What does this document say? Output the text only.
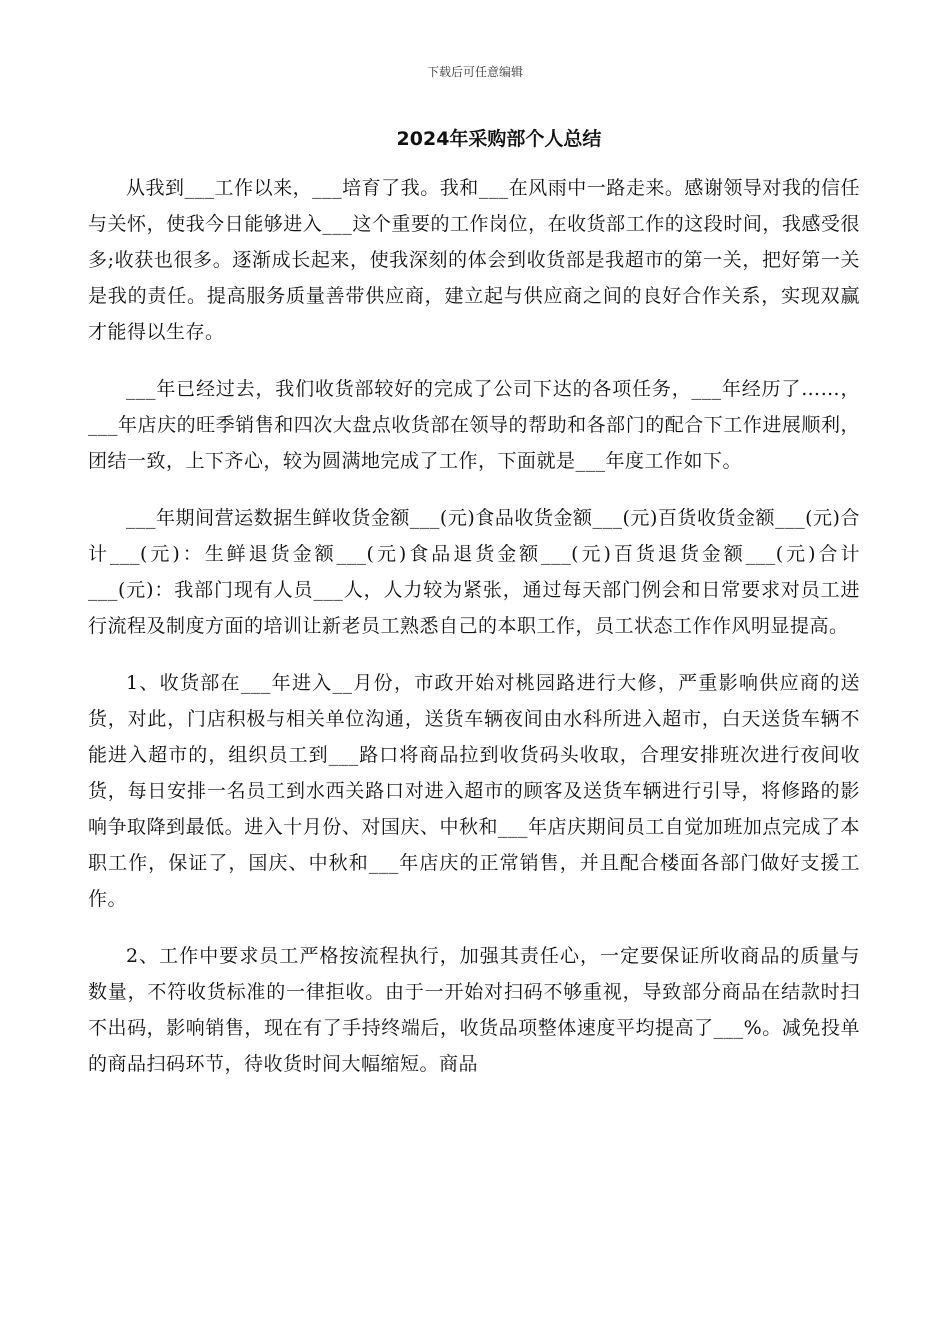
下载后可任意编辑
2024年采购部个人总结

从我到___工作以来，___培育了我。我和___在风雨中一路走来。感谢领导对我的信任与关怀，使我今日能够进入___这个重要的工作岗位，在收货部工作的这段时间，我感受很多;收获也很多。逐渐成长起来，使我深刻的体会到收货部是我超市的第一关，把好第一关是我的责任。提高服务质量善带供应商，建立起与供应商之间的良好合作关系，实现双赢才能得以生存。

___年已经过去，我们收货部较好的完成了公司下达的各项任务，___年经历了……，___年店庆的旺季销售和四次大盘点收货部在领导的帮助和各部门的配合下工作进展顺利，团结一致，上下齐心，较为圆满地完成了工作，下面就是___年度工作如下。

___年期间营运数据生鲜收货金额___(元)食品收货金额___(元)百货收货金额___(元)合计___(元)：生鲜退货金额___(元)食品退货金额___(元)百货退货金额___(元)合计___(元)：我部门现有人员___人，人力较为紧张，通过每天部门例会和日常要求对员工进行流程及制度方面的培训让新老员工熟悉自己的本职工作，员工状态工作作风明显提高。

1、收货部在___年进入__月份，市政开始对桃园路进行大修，严重影响供应商的送货，对此，门店积极与相关单位沟通，送货车辆夜间由水科所进入超市，白天送货车辆不能进入超市的，组织员工到___路口将商品拉到收货码头收取，合理安排班次进行夜间收货，每日安排一名员工到水西关路口对进入超市的顾客及送货车辆进行引导，将修路的影响争取降到最低。进入十月份、对国庆、中秋和___年店庆期间员工自觉加班加点完成了本职工作，保证了，国庆、中秋和___年店庆的正常销售，并且配合楼面各部门做好支援工作。

2、工作中要求员工严格按流程执行，加强其责任心，一定要保证所收商品的质量与数量，不符收货标准的一律拒收。由于一开始对扫码不够重视，导致部分商品在结款时扫不出码，影响销售，现在有了手持终端后，收货品项整体速度平均提高了___%。减免投单的商品扫码环节，待收货时间大幅缩短。商品
